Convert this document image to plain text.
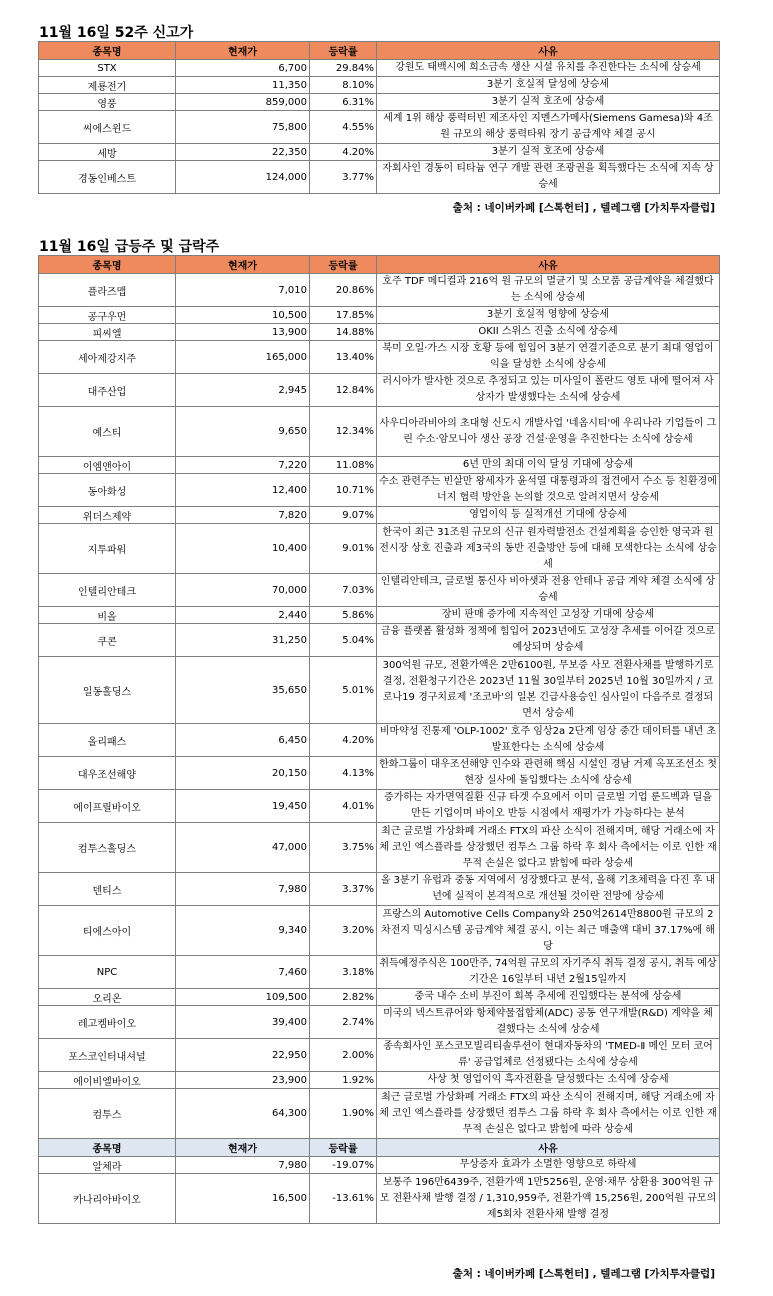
11월 16일 52주 신고가
종목명	현재가	등락률	사유
STX	6,700	29.84%	강원도 태백시에 희소금속 생산 시설 유치를 추진한다는 소식에 상승세
제룡전기	11,350	8.10%	3분기 호실적 달성에 상승세
영풍	859,000	6.31%	3분기 실적 호조에 상승세
씨에스윈드	75,800	4.55%	세계 1위 해상 풍력터빈 제조사인 지멘스가메사(Siemens Gamesa)와 4조원 규모의 해상 풍력타워 장기 공급계약 체결 공시
세방	22,350	4.20%	3분기 실적 호조에 상승세
경동인베스트	124,000	3.77%	자회사인 경동이 티타늄 연구 개발 관련 조광권을 획득했다는 소식에 지속 상승세
출처 : 네이버카페 [스톡헌터] , 텔레그램 [가치투자클럽]
11월 16일 급등주 및 급락주
종목명	현재가	등락률	사유
플라즈맵	7,010	20.86%	호주 TDF 메디컬과 216억 원 규모의 멸균기 및 소모품 공급계약을 체결했다는 소식에 상승세
공구우먼	10,500	17.85%	3분기 호실적 영향에 상승세
피씨엘	13,900	14.88%	OKII 스위스 진출 소식에 상승세
세아제강지주	165,000	13.40%	북미 오일·가스 시장 호황 등에 힘입어 3분기 연결기준으로 분기 최대 영업이익을 달성한 소식에 상승세
대주산업	2,945	12.84%	러시아가 발사한 것으로 추정되고 있는 미사일이 폴란드 영토 내에 떨어져 사상자가 발생했다는 소식에 상승세
예스티	9,650	12.34%	사우디아라비아의 초대형 신도시 개발사업 '네옴시티'에 우리나라 기업들이 그린 수소·암모니아 생산 공장 건설·운영을 추진한다는 소식에 상승세
이엠앤아이	7,220	11.08%	6년 만의 최대 이익 달성 기대에 상승세
동아화성	12,400	10.71%	수소 관련주는 빈살만 왕세자가 윤석열 대통령과의 접견에서 수소 등 친환경에너지 협력 방안을 논의할 것으로 알려지면서 상승세
위더스제약	7,820	9.07%	영업이익 등 실적개선 기대에 상승세
지투파워	10,400	9.01%	한국이 최근 31조원 규모의 신규 원자력발전소 건설계획을 승인한 영국과 원전시장 상호 진출과 제3국의 동반 진출방안 등에 대해 모색한다는 소식에 상승세
인텔리안테크	70,000	7.03%	인텔리안테크, 글로벌 통신사 비아샛과 전용 안테나 공급 계약 체결 소식에 상승세
비올	2,440	5.86%	장비 판매 증가에 지속적인 고성장 기대에 상승세
쿠콘	31,250	5.04%	금융 플랫폼 활성화 정책에 힘입어 2023년에도 고성장 추세를 이어갈 것으로 예상되며 상승세
일동홀딩스	35,650	5.01%	300억원 규모, 전환가액은 2만6100원, 무보증 사모 전환사채를 발행하기로 결정, 전환청구기간은 2023년 11월 30일부터 2025년 10월 30일까지 / 코로나19 경구치료제 '조코바'의 일본 긴급사용승인 심사일이 다음주로 결정되면서 상승세
올리패스	6,450	4.20%	비마약성 진통제 'OLP-1002' 호주 임상2a 2단계 임상 중간 데이터를 내년 초 발표한다는 소식에 상승세
대우조선해양	20,150	4.13%	한화그룹이 대우조선해양 인수와 관련해 핵심 시설인 경남 거제 옥포조선소 첫 현장 실사에 돌입했다는 소식에 상승세
에이프릴바이오	19,450	4.01%	증가하는 자가면역질환 신규 타겟 수요에서 이미 글로벌 기업 룬드벡과 딜을 만든 기업이며 바이오 반등 시점에서 재평가가 가능하다는 분석
컴투스홀딩스	47,000	3.75%	최근 글로벌 가상화폐 거래소 FTX의 파산 소식이 전해지며, 해당 거래소에 자체 코인 엑스플라를 상장했던 컴투스 그룹 하락 후 회사 측에서는 이로 인한 재무적 손실은 없다고 밝힘에 따라 상승세
덴티스	7,980	3.37%	올 3분기 유럽과 중동 지역에서 성장했다고 분석, 올해 기초체력을 다진 후 내년에 실적이 본격적으로 개선될 것이란 전망에 상승세
티에스아이	9,340	3.20%	프랑스의 Automotive Cells Company와 250억2614만8800원 규모의 2차전지 믹싱시스템 공급계약 체결 공시, 이는 최근 매출액 대비 37.17%에 해당
NPC	7,460	3.18%	취득예정주식은 100만주, 74억원 규모의 자기주식 취득 결정 공시, 취득 예상기간은 16일부터 내년 2월15일까지
오리온	109,500	2.82%	중국 내수 소비 부진이 회복 추세에 진입했다는 분석에 상승세
레고켐바이오	39,400	2.74%	미국의 넥스트큐어와 항체약물접합체(ADC) 공동 연구개발(R&D) 계약을 체결했다는 소식에 상승세
포스코인터내셔널	22,950	2.00%	종속회사인 포스코모빌리티솔루션이 현대자동차의 'TMED-Ⅱ 메인 모터 코어류' 공급업체로 선정됐다는 소식에 상승세
에이비엘바이오	23,900	1.92%	사상 첫 영업이익 흑자전환을 달성했다는 소식에 상승세
컴투스	64,300	1.90%	최근 글로벌 가상화폐 거래소 FTX의 파산 소식이 전해지며, 해당 거래소에 자체 코인 엑스플라를 상장했던 컴투스 그룹 하락 후 회사 측에서는 이로 인한 재무적 손실은 없다고 밝힘에 따라 상승세
종목명	현재가	등락률	사유
알체라	7,980	-19.07%	무상증자 효과가 소멸한 영향으로 하락세
카나리아바이오	16,500	-13.61%	보통주 196만6439주, 전환가액 1만5256원, 운영·채무 상환용 300억원 규모 전환사채 발행 결정 / 1,310,959주, 전환가액 15,256원, 200억원 규모의 제5회차 전환사채 발행 결정
출처 : 네이버카페 [스톡헌터] , 텔레그램 [가치투자클럽]
